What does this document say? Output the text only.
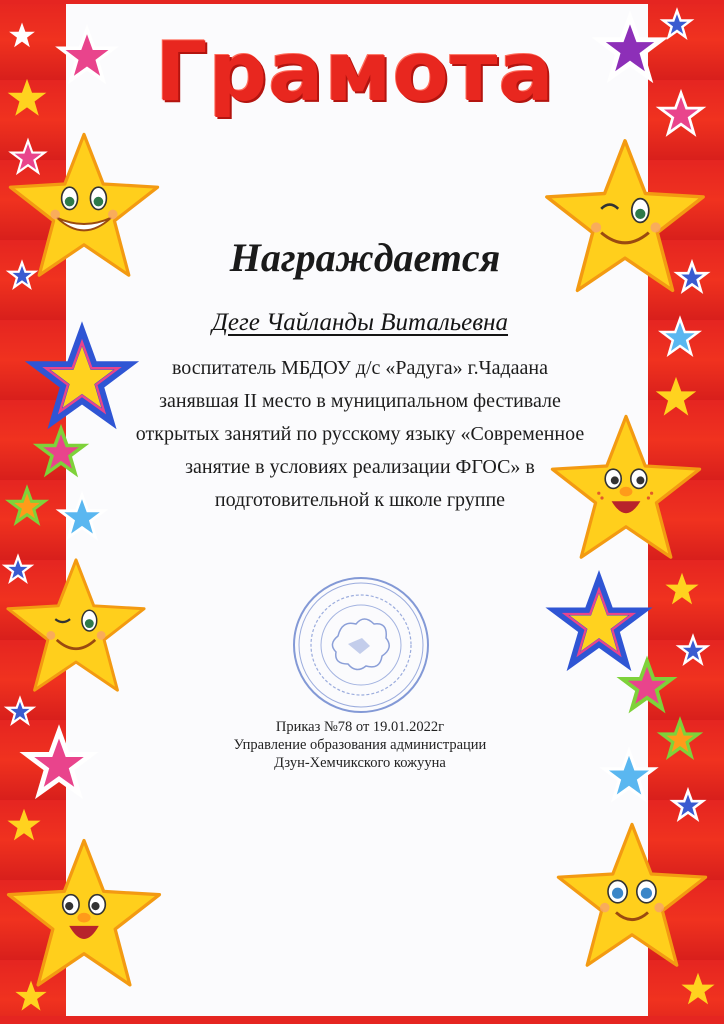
Грамота
Награждается
Деге Чайланды Витальевна
воспитатель МБДОУ д/с «Радуга» г.Чадаана
занявшая II место в муниципальном фестивале
открытых занятий по русскому языку «Современное
занятие в условиях реализации ФГОС» в
подготовительной к школе группе
Приказ №78 от 19.01.2022г
Управление образования администрации
Дзун-Хемчикского кожууна
